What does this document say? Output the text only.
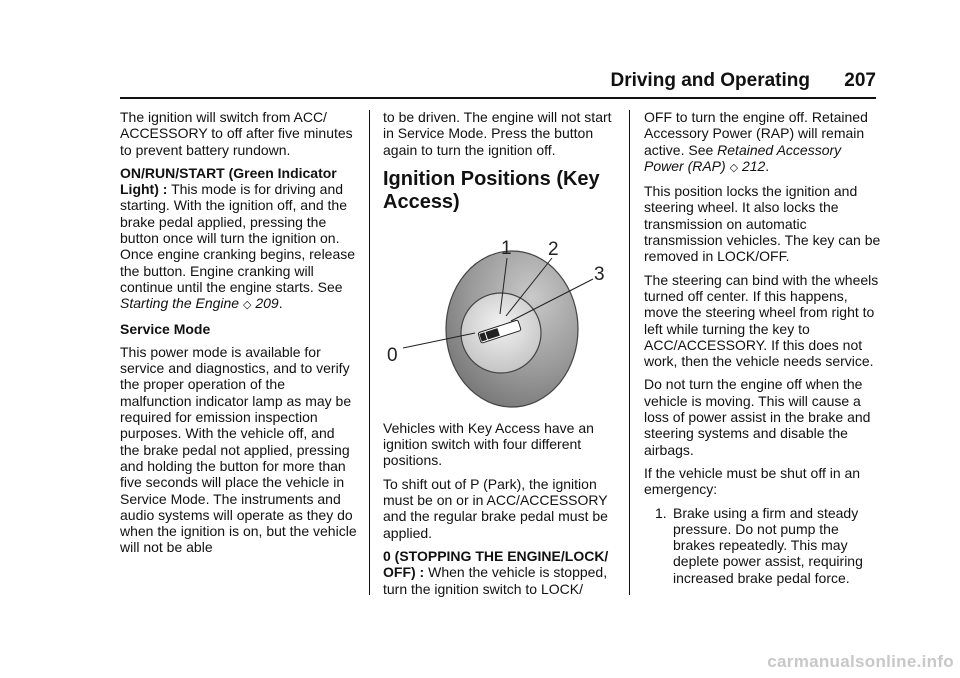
Driving and Operating 207

The ignition will switch from ACC/ ACCESSORY to off after five minutes to prevent battery rundown.

ON/RUN/START (Green Indicator Light) : This mode is for driving and starting. With the ignition off, and the brake pedal applied, pressing the button once will turn the ignition on. Once engine cranking begins, release the button. Engine cranking will continue until the engine starts. See Starting the Engine ◇ 209.

Service Mode

This power mode is available for service and diagnostics, and to verify the proper operation of the malfunction indicator lamp as may be required for emission inspection purposes. With the vehicle off, and the brake pedal not applied, pressing and holding the button for more than five seconds will place the vehicle in Service Mode. The instruments and audio systems will operate as they do when the ignition is on, but the vehicle will not be able

to be driven. The engine will not start in Service Mode. Press the button again to turn the ignition off.

Ignition Positions (Key Access)
0
1 2
3

Vehicles with Key Access have an ignition switch with four different positions.

To shift out of P (Park), the ignition must be on or in ACC/ACCESSORY and the regular brake pedal must be applied.

0 (STOPPING THE ENGINE/LOCK/ OFF) : When the vehicle is stopped, turn the ignition switch to LOCK/

OFF to turn the engine off. Retained Accessory Power (RAP) will remain active. See Retained Accessory Power (RAP) ◇ 212.

This position locks the ignition and steering wheel. It also locks the transmission on automatic transmission vehicles. The key can be removed in LOCK/OFF.

The steering can bind with the wheels turned off center. If this happens, move the steering wheel from right to left while turning the key to ACC/ACCESSORY. If this does not work, then the vehicle needs service.

Do not turn the engine off when the vehicle is moving. This will cause a loss of power assist in the brake and steering systems and disable the airbags.

If the vehicle must be shut off in an emergency:

1. Brake using a firm and steady pressure. Do not pump the brakes repeatedly. This may deplete power assist, requiring increased brake pedal force.
carmanualsonline.info
